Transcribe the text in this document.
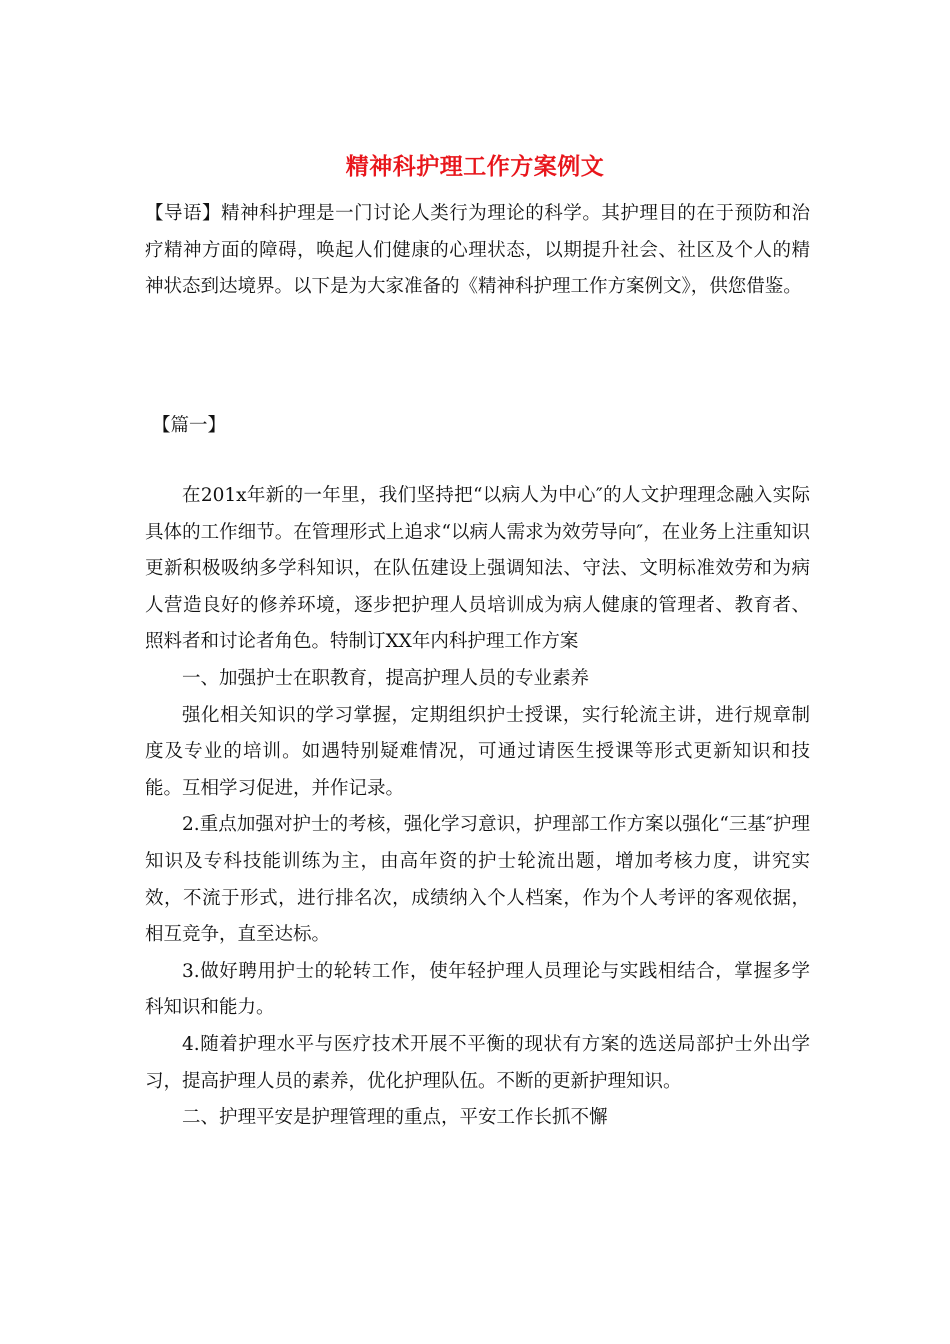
精神科护理工作方案例文
【导语】精神科护理是一门讨论人类行为理论的科学。其护理目的在于预防和治疗精神方面的障碍，唤起人们健康的心理状态，以期提升社会、社区及个人的精神状态到达境界。以下是为大家准备的《精神科护理工作方案例文》，供您借鉴。
【篇一】

在201x年新的一年里，我们坚持把“以病人为中心″的人文护理理念融入实际具体的工作细节。在管理形式上追求“以病人需求为效劳导向″，在业务上注重知识更新积极吸纳多学科知识，在队伍建设上强调知法、守法、文明标准效劳和为病人营造良好的修养环境，逐步把护理人员培训成为病人健康的管理者、教育者、照料者和讨论者角色。特制订XX年内科护理工作方案

一、加强护士在职教育，提高护理人员的专业素养

强化相关知识的学习掌握，定期组织护士授课，实行轮流主讲，进行规章制度及专业的培训。如遇特别疑难情况，可通过请医生授课等形式更新知识和技能。互相学习促进，并作记录。

2.重点加强对护士的考核，强化学习意识，护理部工作方案以强化“三基″护理知识及专科技能训练为主，由高年资的护士轮流出题，增加考核力度，讲究实效，不流于形式，进行排名次，成绩纳入个人档案，作为个人考评的客观依据，相互竞争，直至达标。

3.做好聘用护士的轮转工作，使年轻护理人员理论与实践相结合，掌握多学科知识和能力。

4.随着护理水平与医疗技术开展不平衡的现状有方案的选送局部护士外出学习，提高护理人员的素养，优化护理队伍。不断的更新护理知识。

二、护理平安是护理管理的重点，平安工作长抓不懈
